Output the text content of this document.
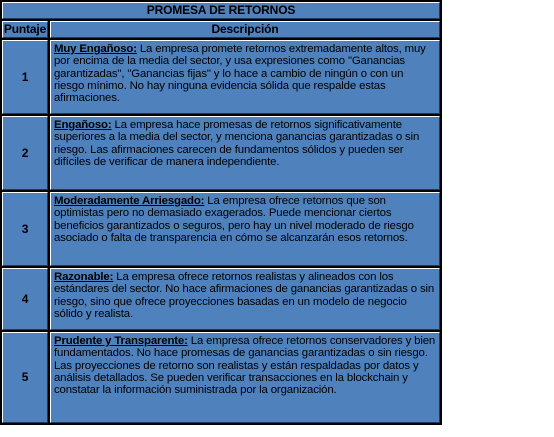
PROMESA DE RETORNOS
Puntaje	Descripción
1
Muy Engañoso: La empresa promete retornos extremadamente altos, muy por encima de la media del sector, y usa expresiones como "Ganancias garantizadas", "Ganancias fijas" y lo hace a cambio de ningún o con un riesgo mínimo. No hay ninguna evidencia sólida que respalde estas afirmaciones.
2
Engañoso: La empresa hace promesas de retornos significativamente superiores a la media del sector, y menciona ganancias garantizadas o sin riesgo. Las afirmaciones carecen de fundamentos sólidos y pueden ser difíciles de verificar de manera independiente.
3
Moderadamente Arriesgado: La empresa ofrece retornos que son optimistas pero no demasiado exagerados. Puede mencionar ciertos beneficios garantizados o seguros, pero hay un nivel moderado de riesgo asociado o falta de transparencia en cómo se alcanzarán esos retornos.
4
Razonable: La empresa ofrece retornos realistas y alineados con los estándares del sector. No hace afirmaciones de ganancias garantizadas o sin riesgo, sino que ofrece proyecciones basadas en un modelo de negocio sólido y realista.
5
Prudente y Transparente: La empresa ofrece retornos conservadores y bien fundamentados. No hace promesas de ganancias garantizadas o sin riesgo. Las proyecciones de retorno son realistas y están respaldadas por datos y análisis detallados. Se pueden verificar transacciones en la blockchain y constatar la información suministrada por la organización.
